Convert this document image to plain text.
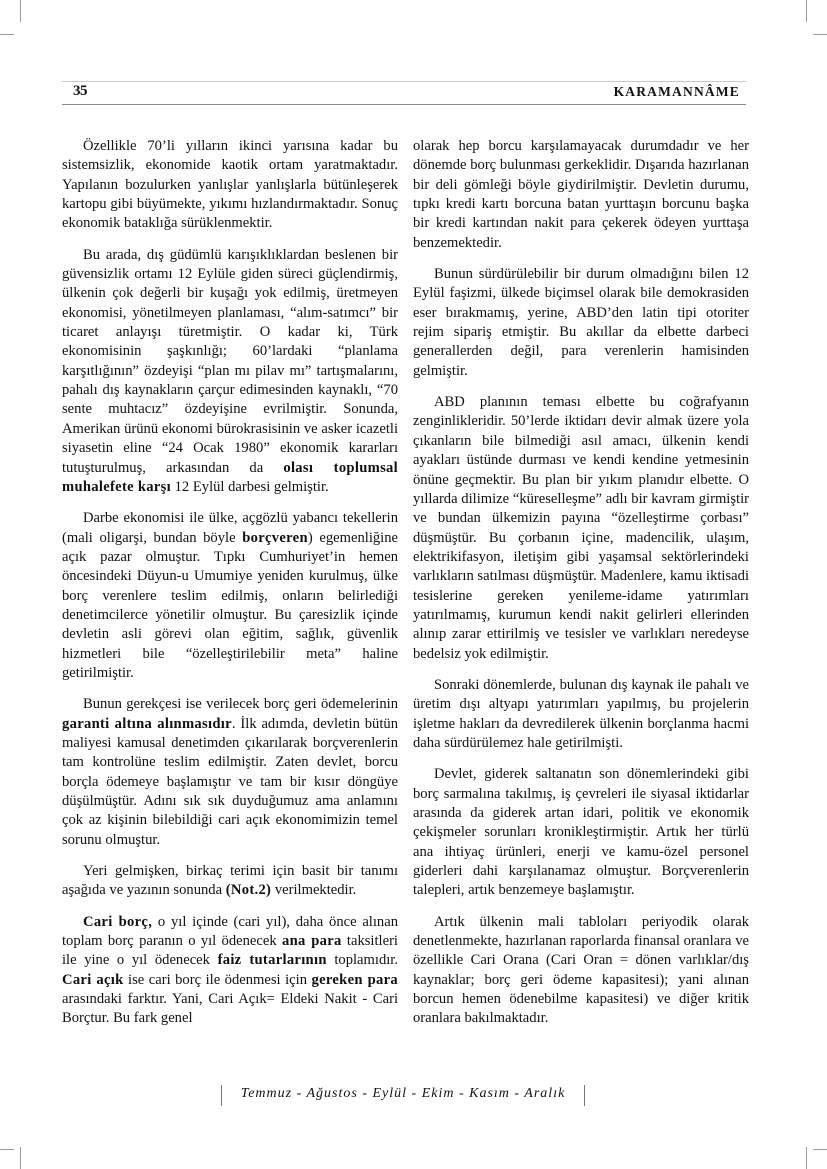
35	KARAMANNÂME

Özellikle 70’li yılların ikinci yarısına kadar bu sistemsizlik, ekonomide kaotik ortam yaratmaktadır. Yapılanın bozulurken yanlışlar yanlışlarla bütünleşerek kartopu gibi büyümekte, yıkımı hızlandırmaktadır. Sonuç ekonomik bataklığa sürüklenmektir.

Bu arada, dış güdümlü karışıklıklardan beslenen bir güvensizlik ortamı 12 Eylüle giden süreci güçlendirmiş, ülkenin çok değerli bir kuşağı yok edilmiş, üretmeyen ekonomisi, yönetilmeyen planlaması, “alım-satımcı” bir ticaret anlayışı türetmiştir. O kadar ki, Türk ekonomisinin şaşkınlığı; 60’lardaki “planlama karşıtlığının” özdeyişi “plan mı pilav mı” tartışmalarını, pahalı dış kaynakların çarçur edimesinden kaynaklı, “70 sente muhtacız” özdeyişine evrilmiştir. Sonunda, Amerikan ürünü ekonomi bürokrasisinin ve asker icazetli siyasetin eline “24 Ocak 1980” ekonomik kararları tutuşturulmuş, arkasından da olası toplumsal muhalefete karşı 12 Eylül darbesi gelmiştir.

Darbe ekonomisi ile ülke, açgözlü yabancı tekellerin (mali oligarşi, bundan böyle borçveren) egemenliğine açık pazar olmuştur. Tıpkı Cumhuriyet’in hemen öncesindeki Düyun-u Umumiye yeniden kurulmuş, ülke borç verenlere teslim edilmiş, onların belirlediği denetimcilerce yönetilir olmuştur. Bu çaresizlik içinde devletin asli görevi olan eğitim, sağlık, güvenlik hizmetleri bile “özelleştirilebilir meta” haline getirilmiştir.

Bunun gerekçesi ise verilecek borç geri ödemelerinin garanti altına alınmasıdır. İlk adımda, devletin bütün maliyesi kamusal denetimden çıkarılarak borçverenlerin tam kontrolüne teslim edilmiştir. Zaten devlet, borcu borçla ödemeye başlamıştır ve tam bir kısır döngüye düşülmüştür. Adını sık sık duyduğumuz ama anlamını çok az kişinin bilebildiği cari açık ekonomimizin temel sorunu olmuştur.

Yeri gelmişken, birkaç terimi için basit bir tanımı aşağıda ve yazının sonunda (Not.2) verilmektedir.

Cari borç, o yıl içinde (cari yıl), daha önce alınan toplam borç paranın o yıl ödenecek ana para taksitleri ile yine o yıl ödenecek faiz tutarlarının toplamıdır. Cari açık ise cari borç ile ödenmesi için gereken para arasındaki farktır. Yani, Cari Açık= Eldeki Nakit - Cari Borçtur. Bu fark genel

olarak hep borcu karşılamayacak durumdadır ve her dönemde borç bulunması gerkeklidir. Dışarıda hazırlanan bir deli gömleği böyle giydirilmiştir. Devletin durumu, tıpkı kredi kartı borcuna batan yurttaşın borcunu başka bir kredi kartından nakit para çekerek ödeyen yurttaşa benzemektedir.

Bunun sürdürülebilir bir durum olmadığını bilen 12 Eylül faşizmi, ülkede biçimsel olarak bile demokrasiden eser bırakmamış, yerine, ABD’den latin tipi otoriter rejim sipariş etmiştir. Bu akıllar da elbette darbeci generallerden değil, para verenlerin hamisinden gelmiştir.

ABD planının teması elbette bu coğrafyanın zenginlikleridir. 50’lerde iktidarı devir almak üzere yola çıkanların bile bilmediği asıl amacı, ülkenin kendi ayakları üstünde durması ve kendi kendine yetmesinin önüne geçmektir. Bu plan bir yıkım planıdır elbette. O yıllarda dilimize “küreselleşme” adlı bir kavram girmiştir ve bundan ülkemizin payına “özelleştirme çorbası” düşmüştür. Bu çorbanın içine, madencilik, ulaşım, elektrikifasyon, iletişim gibi yaşamsal sektörlerindeki varlıkların satılması düşmüştür. Madenlere, kamu iktisadi tesislerine gereken yenileme-idame yatırımları yatırılmamış, kurumun kendi nakit gelirleri ellerinden alınıp zarar ettirilmiş ve tesisler ve varlıkları neredeyse bedelsiz yok edilmiştir.

Sonraki dönemlerde, bulunan dış kaynak ile pahalı ve üretim dışı altyapı yatırımları yapılmış, bu projelerin işletme hakları da devredilerek ülkenin borçlanma hacmi daha sürdürülemez hale getirilmişti.

Devlet, giderek saltanatın son dönemlerindeki gibi borç sarmalına takılmış, iş çevreleri ile siyasal iktidarlar arasında da giderek artan idari, politik ve ekonomik çekişmeler sorunları kronikleştirmiştir. Artık her türlü ana ihtiyaç ürünleri, enerji ve kamu-özel personel giderleri dahi karşılanamaz olmuştur. Borçverenlerin talepleri, artık benzemeye başlamıştır.

Artık ülkenin mali tabloları periyodik olarak denetlenmekte, hazırlanan raporlarda finansal oranlara ve özellikle Cari Orana (Cari Oran = dönen varlıklar/dış kaynaklar; borç geri ödeme kapasitesi); yani alınan borcun hemen ödenebilme kapasitesi) ve diğer kritik oranlara bakılmaktadır.

Temmuz - Ağustos - Eylül - Ekim - Kasım - Aralık
